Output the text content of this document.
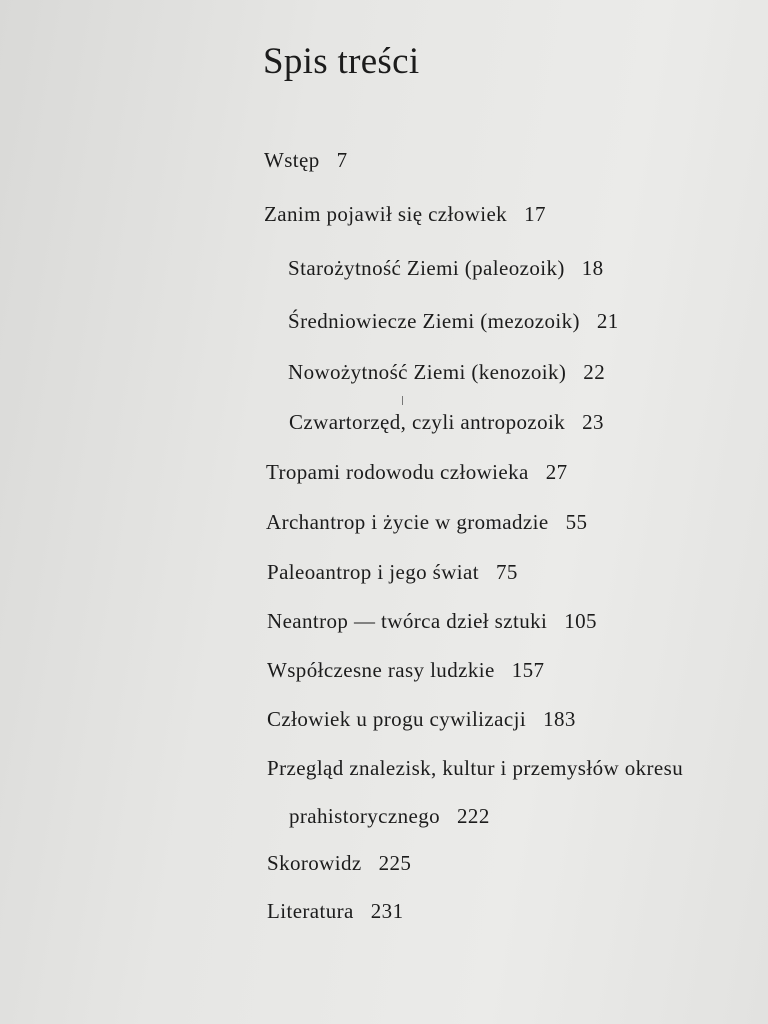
Spis treści
Wstęp 7
Zanim pojawił się człowiek 17
Starożytność Ziemi (paleozoik) 18
Średniowiecze Ziemi (mezozoik) 21
Nowożytność Ziemi (kenozoik) 22
Czwartorzęd, czyli antropozoik 23
Tropami rodowodu człowieka 27
Archantrop i życie w gromadzie 55
Paleoantrop i jego świat 75
Neantrop — twórca dzieł sztuki 105
Współczesne rasy ludzkie 157
Człowiek u progu cywilizacji 183
Przegląd znalezisk, kultur i przemysłów okresu
prahistorycznego 222
Skorowidz 225
Literatura 231
